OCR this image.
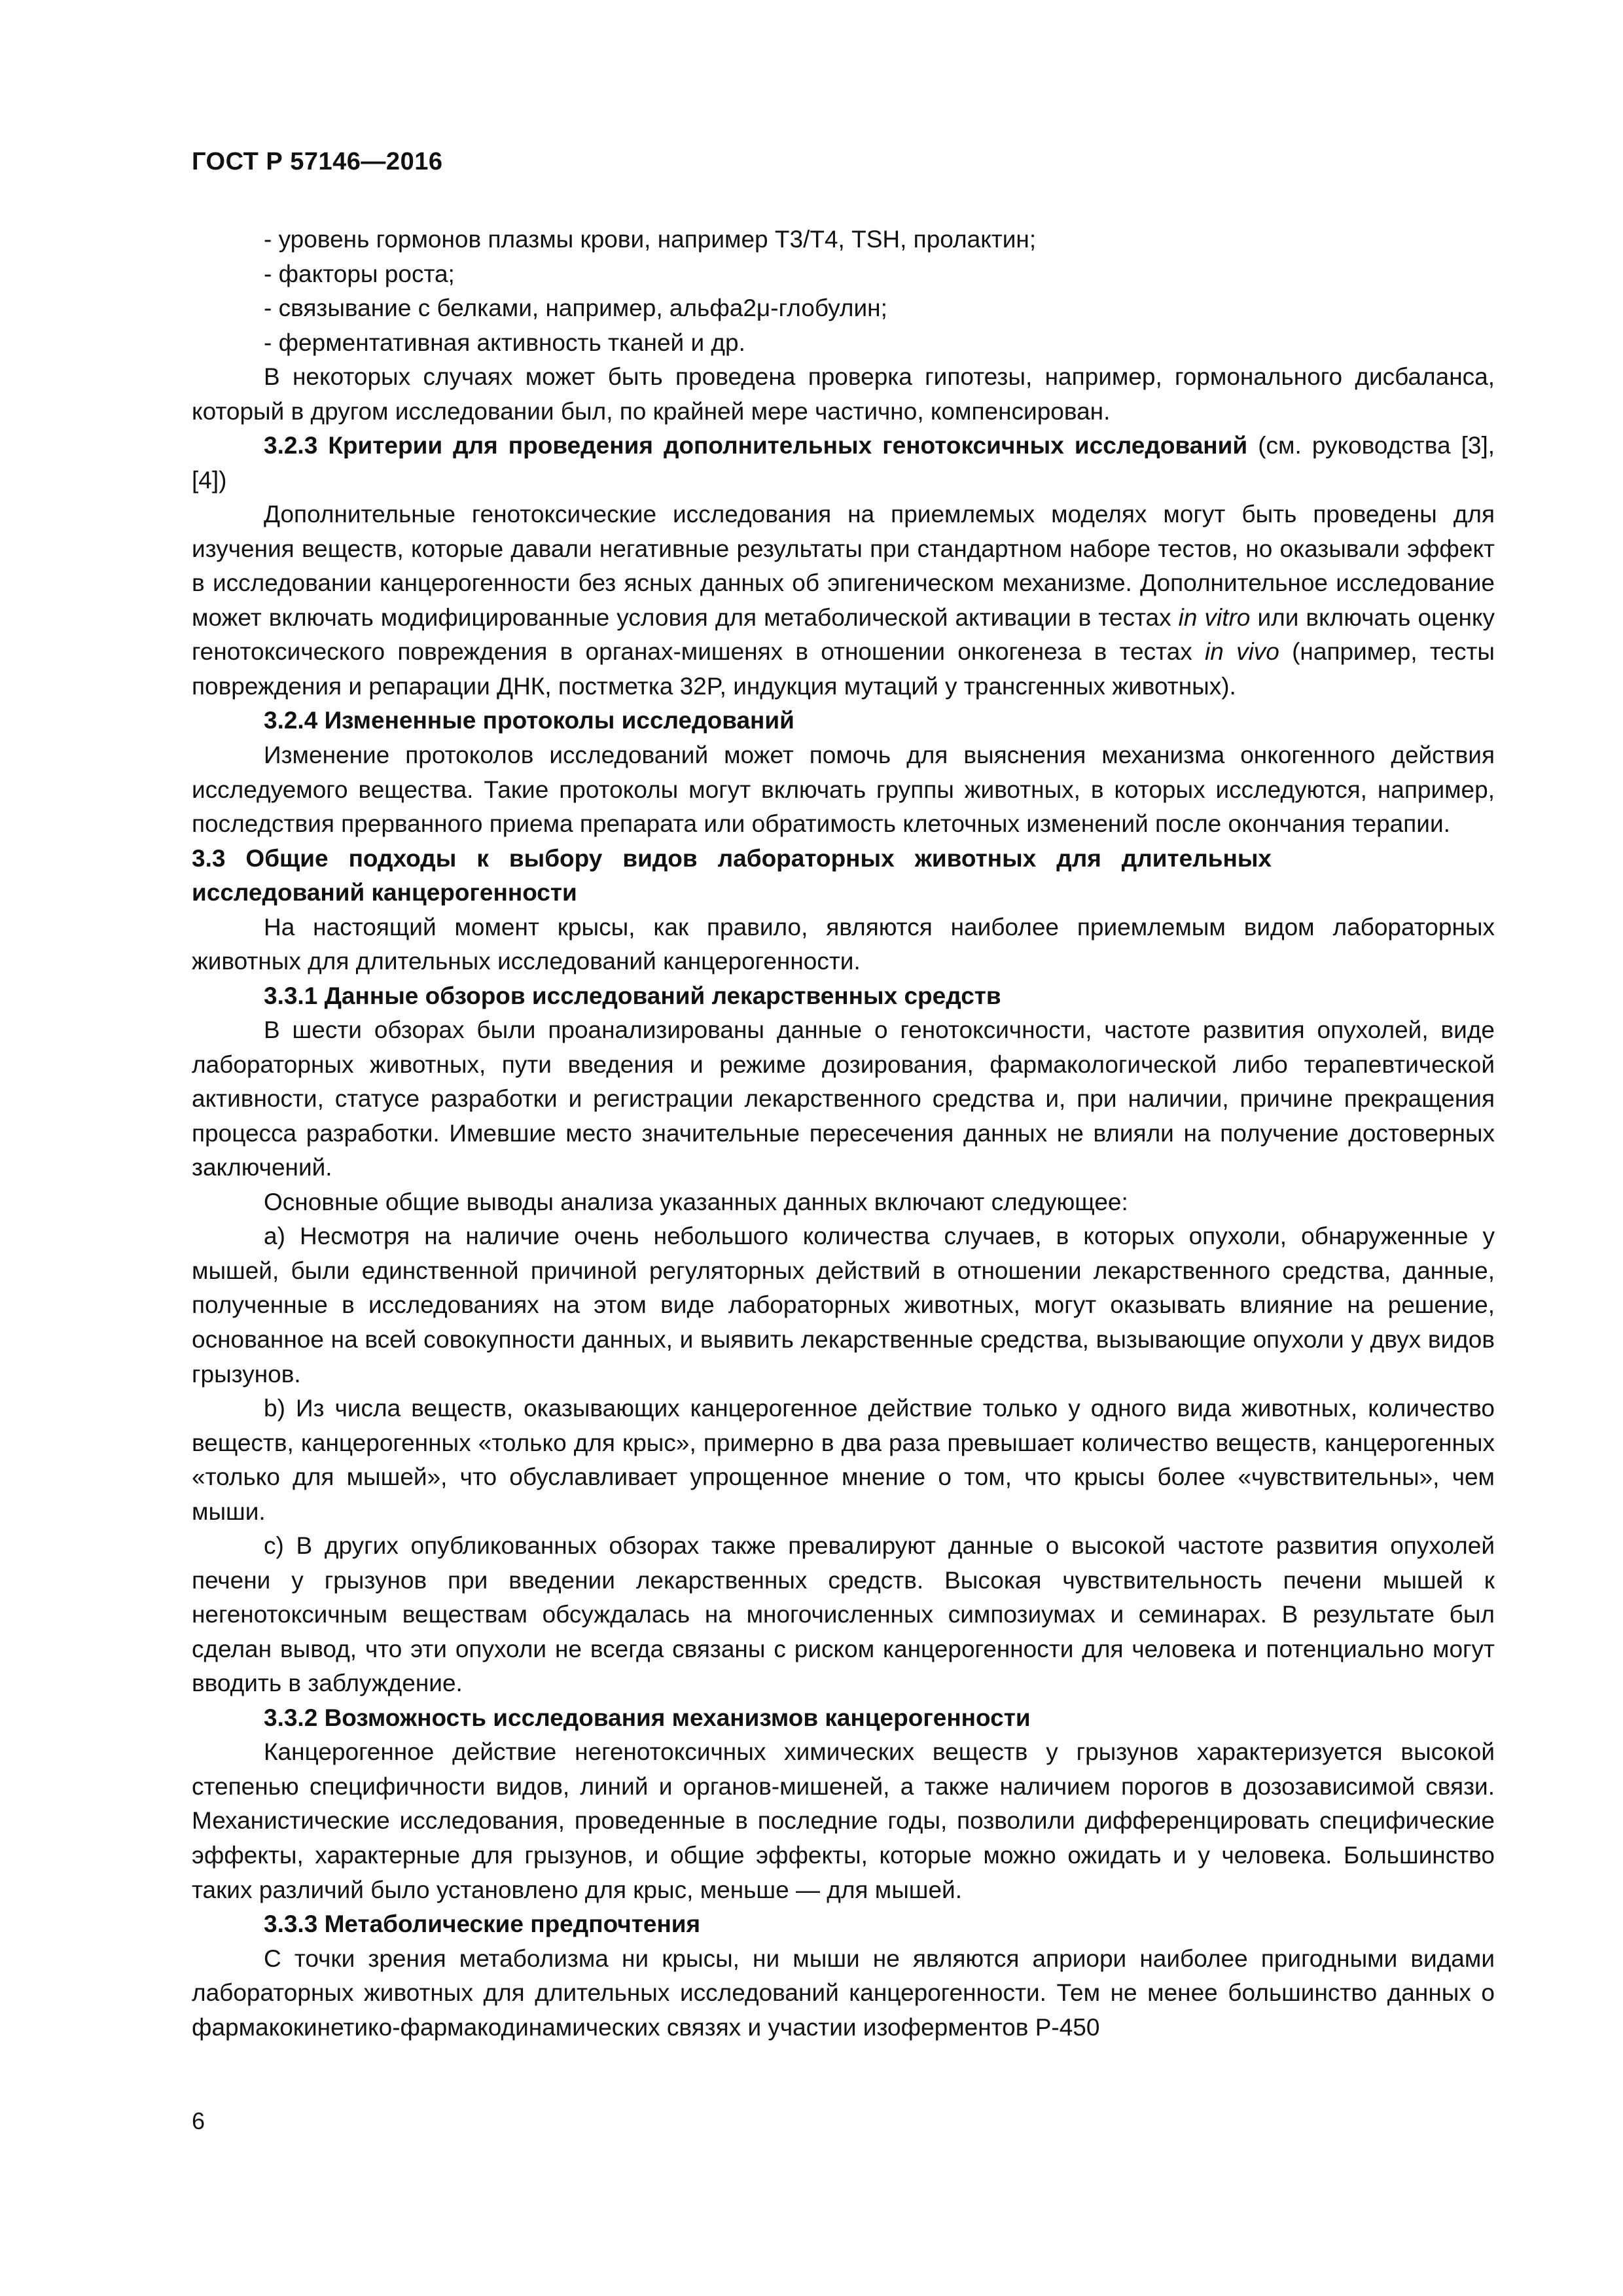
ГОСТ Р 57146—2016

- уровень гормонов плазмы крови, например Т3/Т4, TSH, пролактин;

- факторы роста;

- связывание с белками, например, альфа2μ-глобулин;

- ферментативная активность тканей и др.

В некоторых случаях может быть проведена проверка гипотезы, например, гормонального дисбаланса, который в другом исследовании был, по крайней мере частично, компенсирован.

3.2.3 Критерии для проведения дополнительных генотоксичных исследований (см. руководства [3], [4])

Дополнительные генотоксические исследования на приемлемых моделях могут быть проведены для изучения веществ, которые давали негативные результаты при стандартном наборе тестов, но оказывали эффект в исследовании канцерогенности без ясных данных об эпигеническом механизме. Дополнительное исследование может включать модифицированные условия для метаболической активации в тестах in vitro или включать оценку генотоксического повреждения в органах-мишенях в отношении онкогенеза в тестах in vivo (например, тесты повреждения и репарации ДНК, постметка 32P, индукция мутаций у трансгенных животных).

3.2.4 Измененные протоколы исследований

Изменение протоколов исследований может помочь для выяснения механизма онкогенного действия исследуемого вещества. Такие протоколы могут включать группы животных, в которых исследуются, например, последствия прерванного приема препарата или обратимость клеточных изменений после окончания терапии.

3.3 Общие подходы к выбору видов лабораторных животных для длительных исследований канцерогенности

На настоящий момент крысы, как правило, являются наиболее приемлемым видом лабораторных животных для длительных исследований канцерогенности.

3.3.1 Данные обзоров исследований лекарственных средств

В шести обзорах были проанализированы данные о генотоксичности, частоте развития опухолей, виде лабораторных животных, пути введения и режиме дозирования, фармакологической либо терапевтической активности, статусе разработки и регистрации лекарственного средства и, при наличии, причине прекращения процесса разработки. Имевшие место значительные пересечения данных не влияли на получение достоверных заключений.

Основные общие выводы анализа указанных данных включают следующее:

а) Несмотря на наличие очень небольшого количества случаев, в которых опухоли, обнаруженные у мышей, были единственной причиной регуляторных действий в отношении лекарственного средства, данные, полученные в исследованиях на этом виде лабораторных животных, могут оказывать влияние на решение, основанное на всей совокупности данных, и выявить лекарственные средства, вызывающие опухоли у двух видов грызунов.

b) Из числа веществ, оказывающих канцерогенное действие только у одного вида животных, количество веществ, канцерогенных «только для крыс», примерно в два раза превышает количество веществ, канцерогенных «только для мышей», что обуславливает упрощенное мнение о том, что крысы более «чувствительны», чем мыши.

c) В других опубликованных обзорах также превалируют данные о высокой частоте развития опухолей печени у грызунов при введении лекарственных средств. Высокая чувствительность печени мышей к негенотоксичным веществам обсуждалась на многочисленных симпозиумах и семинарах. В результате был сделан вывод, что эти опухоли не всегда связаны с риском канцерогенности для человека и потенциально могут вводить в заблуждение.

3.3.2 Возможность исследования механизмов канцерогенности

Канцерогенное действие негенотоксичных химических веществ у грызунов характеризуется высокой степенью специфичности видов, линий и органов-мишеней, а также наличием порогов в дозозависимой связи. Механистические исследования, проведенные в последние годы, позволили дифференцировать специфические эффекты, характерные для грызунов, и общие эффекты, которые можно ожидать и у человека. Большинство таких различий было установлено для крыс, меньше — для мышей.

3.3.3 Метаболические предпочтения

С точки зрения метаболизма ни крысы, ни мыши не являются априори наиболее пригодными видами лабораторных животных для длительных исследований канцерогенности. Тем не менее большинство данных о фармакокинетико-фармакодинамических связях и участии изоферментов Р-450

6
